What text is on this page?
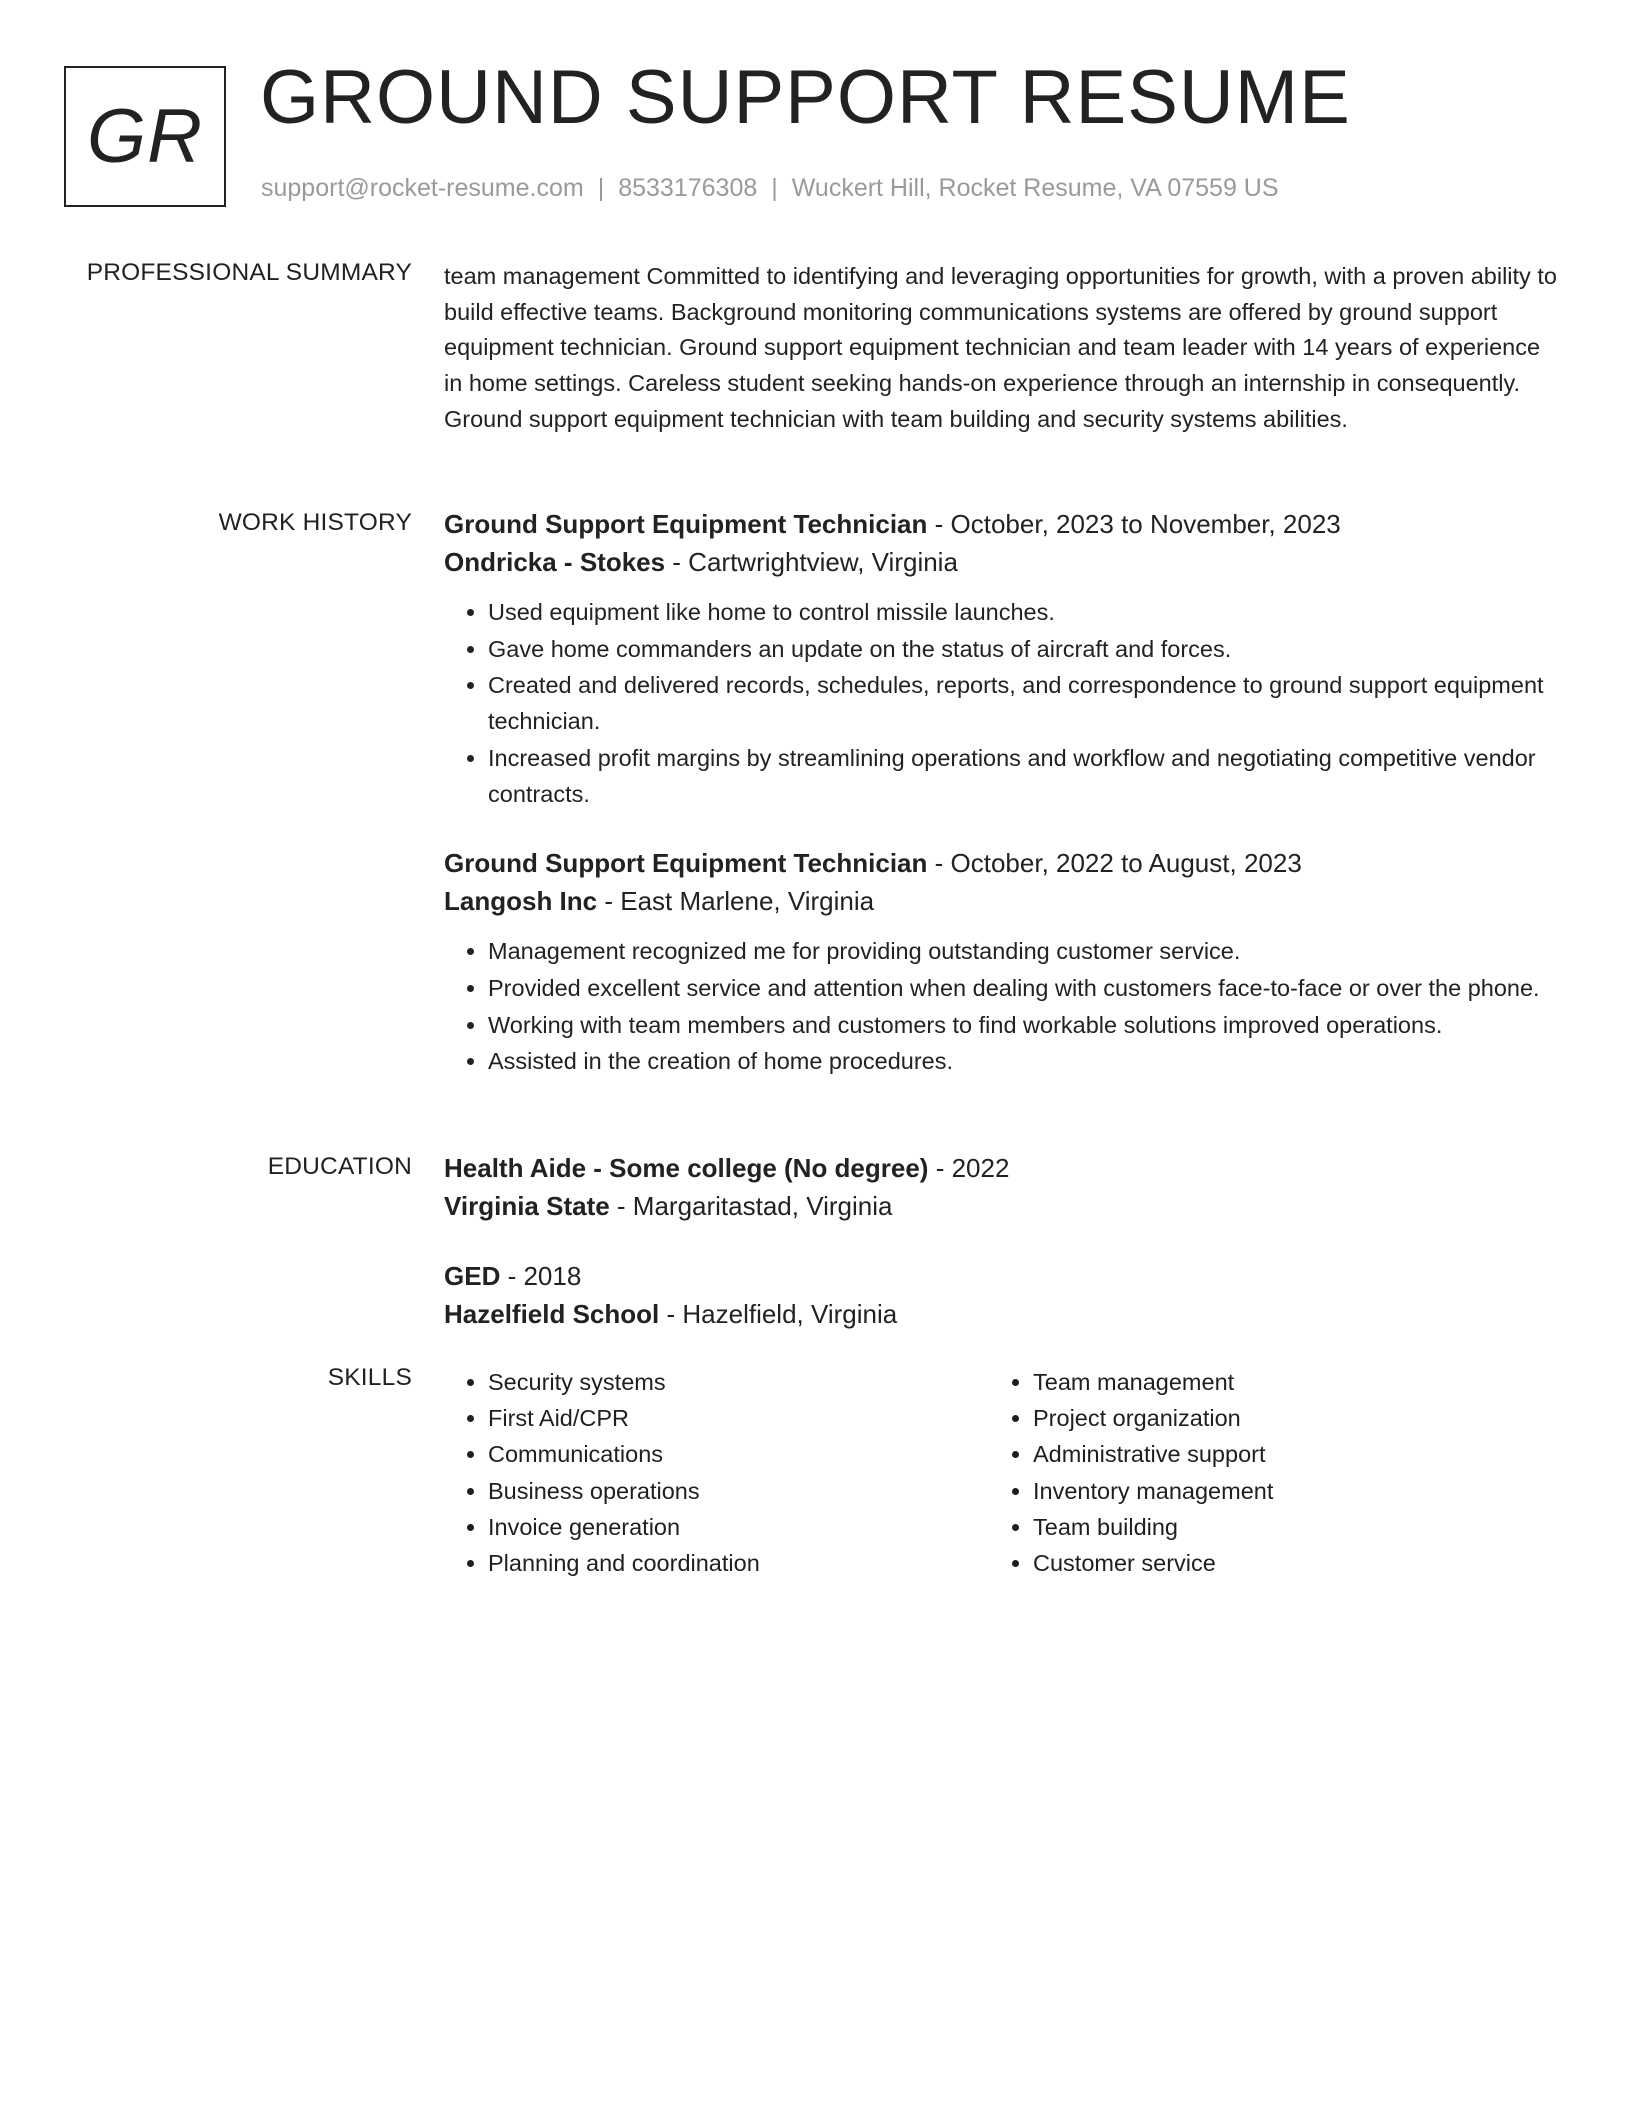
GR GROUND SUPPORT RESUME
support@rocket-resume.com | 8533176308 | Wuckert Hill, Rocket Resume, VA 07559 US
PROFESSIONAL SUMMARY team management Committed to identifying and leveraging opportunities for growth, with a proven ability to build effective teams. Background monitoring communications systems are offered by ground support equipment technician. Ground support equipment technician and team leader with 14 years of experience in home settings. Careless student seeking hands-on experience through an internship in consequently. Ground support equipment technician with team building and security systems abilities.

WORK HISTORY Ground Support Equipment Technician - October, 2023 to November, 2023
Ondricka - Stokes - Cartwrightview, Virginia
• Used equipment like home to control missile launches.
• Gave home commanders an update on the status of aircraft and forces.
• Created and delivered records, schedules, reports, and correspondence to ground support equipment technician.
• Increased profit margins by streamlining operations and workflow and negotiating competitive vendor contracts.
Ground Support Equipment Technician - October, 2022 to August, 2023
Langosh Inc - East Marlene, Virginia
• Management recognized me for providing outstanding customer service.
• Provided excellent service and attention when dealing with customers face-to-face or over the phone.
• Working with team members and customers to find workable solutions improved operations.
• Assisted in the creation of home procedures.
EDUCATION Health Aide - Some college (No degree) - 2022
Virginia State - Margaritastad, Virginia
GED - 2018
Hazelfield School - Hazelfield, Virginia
SKILLS
•	Security systems
• First Aid/CPR
• Communications
• Business operations
• Invoice generation
• Planning and coordination
• Team management
• Project organization
• Administrative support
• Inventory management
• Team building
• Customer service
